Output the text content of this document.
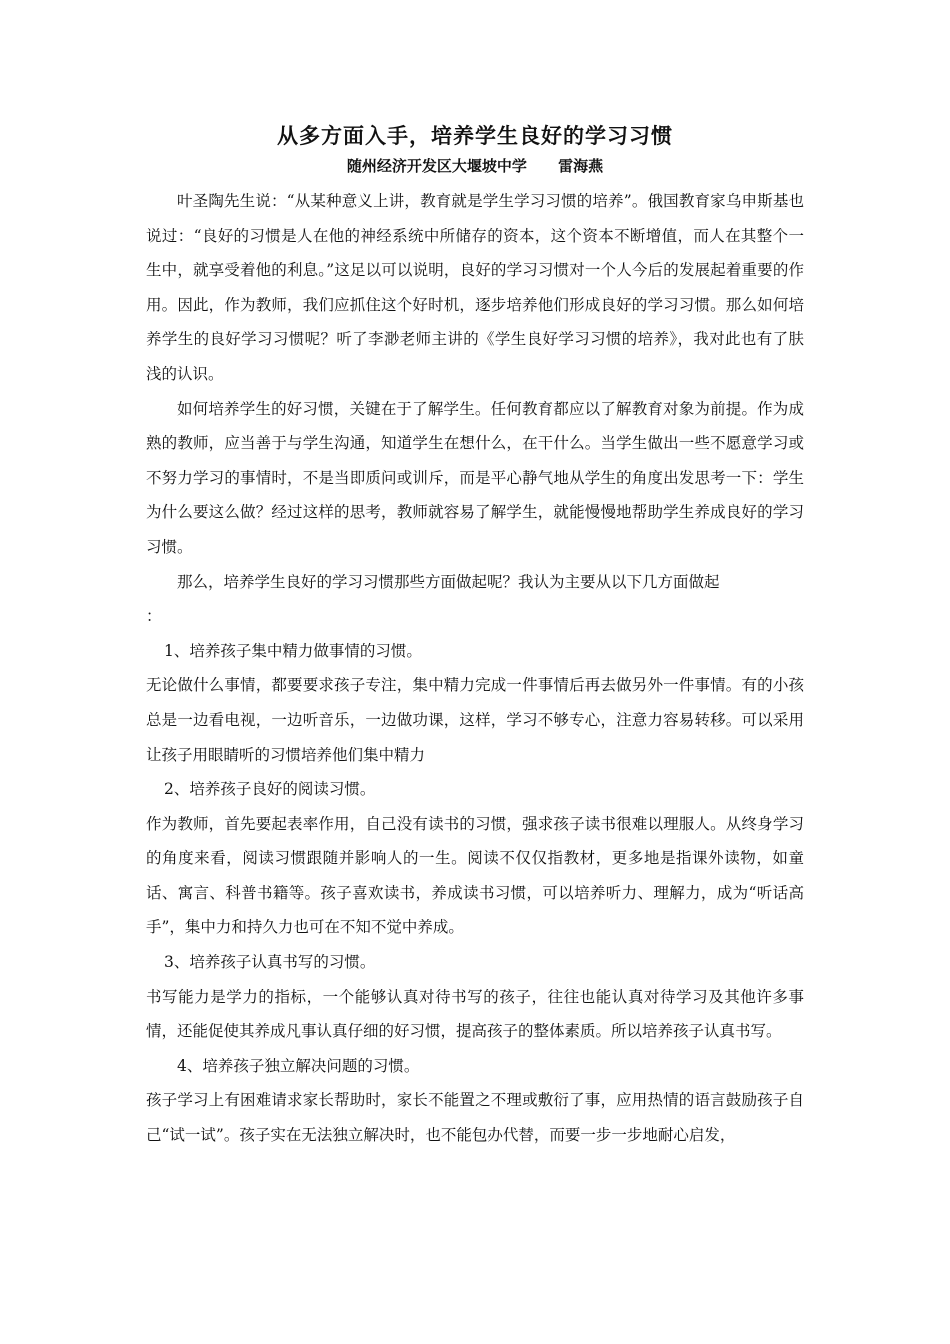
从多方面入手，培养学生良好的学习习惯
随州经济开发区大堰坡中学      雷海燕

叶圣陶先生说：“从某种意义上讲，教育就是学生学习习惯的培养”。俄国教育家乌申斯基也说过：“良好的习惯是人在他的神经系统中所储存的资本，这个资本不断增值，而人在其整个一生中，就享受着他的利息。”这足以可以说明，良好的学习习惯对一个人今后的发展起着重要的作用。因此，作为教师，我们应抓住这个好时机，逐步培养他们形成良好的学习习惯。那么如何培养学生的良好学习习惯呢？听了李渺老师主讲的《学生良好学习习惯的培养》，我对此也有了肤浅的认识。

如何培养学生的好习惯，关键在于了解学生。任何教育都应以了解教育对象为前提。作为成熟的教师，应当善于与学生沟通，知道学生在想什么，在干什么。当学生做出一些不愿意学习或不努力学习的事情时，不是当即质问或训斥，而是平心静气地从学生的角度出发思考一下：学生为什么要这么做？经过这样的思考，教师就容易了解学生，就能慢慢地帮助学生养成良好的学习习惯。

那么，培养学生良好的学习习惯那些方面做起呢？我认为主要从以下几方面做起

：

1、培养孩子集中精力做事情的习惯。

无论做什么事情，都要要求孩子专注，集中精力完成一件事情后再去做另外一件事情。有的小孩总是一边看电视，一边听音乐，一边做功课，这样，学习不够专心，注意力容易转移。可以采用让孩子用眼睛听的习惯培养他们集中精力

2、培养孩子良好的阅读习惯。

作为教师，首先要起表率作用，自己没有读书的习惯，强求孩子读书很难以理服人。从终身学习的角度来看，阅读习惯跟随并影响人的一生。阅读不仅仅指教材，更多地是指课外读物，如童话、寓言、科普书籍等。孩子喜欢读书，养成读书习惯，可以培养听力、理解力，成为“听话高手”，集中力和持久力也可在不知不觉中养成。

3、培养孩子认真书写的习惯。

书写能力是学力的指标，一个能够认真对待书写的孩子，往往也能认真对待学习及其他许多事情，还能促使其养成凡事认真仔细的好习惯，提高孩子的整体素质。所以培养孩子认真书写。

4、培养孩子独立解决问题的习惯。

孩子学习上有困难请求家长帮助时，家长不能置之不理或敷衍了事，应用热情的语言鼓励孩子自己“试一试”。孩子实在无法独立解决时，也不能包办代替，而要一步一步地耐心启发，
